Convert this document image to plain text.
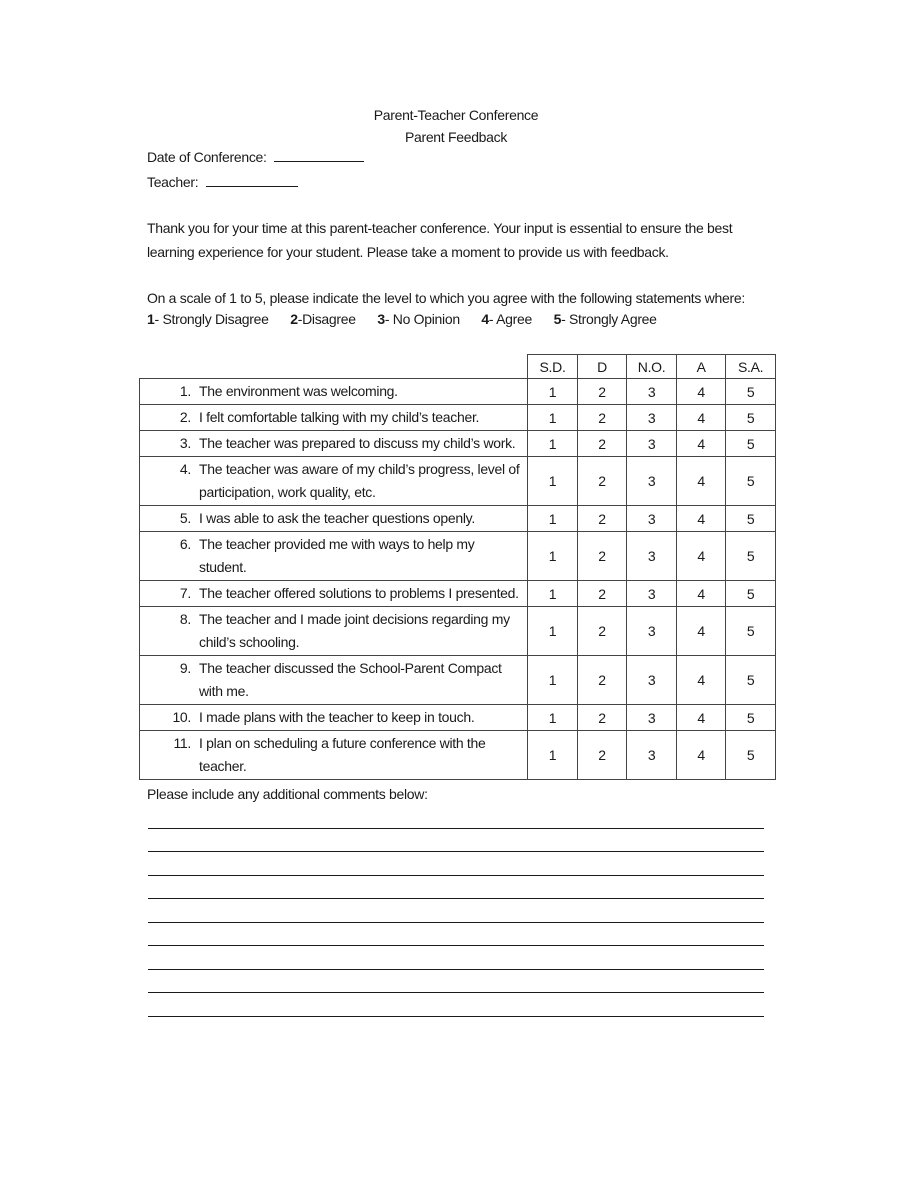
Parent-Teacher Conference
Parent Feedback
Date of Conference:
Teacher:
Thank you for your time at this parent-teacher conference. Your input is essential to ensure the best learning experience for your student. Please take a moment to provide us with feedback.
On a scale of 1 to 5, please indicate the level to which you agree with the following statements where:
1- Strongly Disagree 2-Disagree 3- No Opinion 4- Agree 5- Strongly Agree
	S.D.	D	N.O.	A	S.A.

1. The environment was welcoming.	1	2	3	4	5

2. I felt comfortable talking with my child’s teacher.	1	2	3	4	5

3. The teacher was prepared to discuss my child’s work.	1	2	3	4	5

4. The teacher was aware of my child’s progress, level of participation, work quality, etc.	1	2	3	4	5

5. I was able to ask the teacher questions openly.	1	2	3	4	5

6. The teacher provided me with ways to help my student.	1	2	3	4	5

7. The teacher offered solutions to problems I presented.	1	2	3	4	5

8. The teacher and I made joint decisions regarding my child’s schooling.	1	2	3	4	5

9. The teacher discussed the School-Parent Compact with me.	1	2	3	4	5

10. I made plans with the teacher to keep in touch.	1	2	3	4	5

11. I plan on scheduling a future conference with the teacher.	1	2	3	4	5
Please include any additional comments below:
